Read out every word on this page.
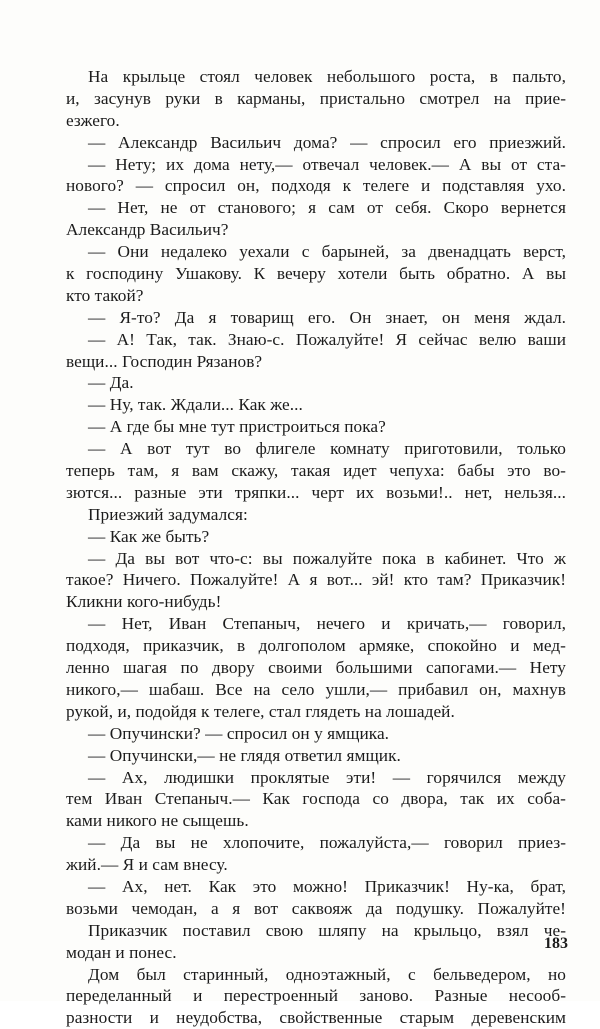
На крыльце стоял человек небольшого роста, в пальто,
и, засунув руки в карманы, пристально смотрел на прие-
езжего.
— Александр Васильич дома? — спросил его приезжий.
— Нету; их дома нету,— отвечал человек.— А вы от ста-
нового? — спросил он, подходя к телеге и подставляя ухо.
— Нет, не от станового; я сам от себя. Скоро вернется
Александр Васильич?
— Они недалеко уехали с барыней, за двенадцать верст,
к господину Ушакову. К вечеру хотели быть обратно. А вы
кто такой?
— Я-то? Да я товарищ его. Он знает, он меня ждал.
— А! Так, так. Знаю-с. Пожалуйте! Я сейчас велю ваши
вещи... Господин Рязанов?
— Да.
— Ну, так. Ждали... Как же...
— А где бы мне тут пристроиться пока?
— А вот тут во флигеле комнату приготовили, только
теперь там, я вам скажу, такая идет чепуха: бабы это во-
зются... разные эти тряпки... черт их возьми!.. нет, нельзя...
Приезжий задумался:
— Как же быть?
— Да вы вот что-с: вы пожалуйте пока в кабинет. Что ж
такое? Ничего. Пожалуйте! А я вот... эй! кто там? Приказчик!
Кликни кого-нибудь!
— Нет, Иван Степаныч, нечего и кричать,— говорил,
подходя, приказчик, в долгополом армяке, спокойно и мед-
ленно шагая по двору своими большими сапогами.— Нету
никого,— шабаш. Все на село ушли,— прибавил он, махнув
рукой, и, подойдя к телеге, стал глядеть на лошадей.
— Опучински? — спросил он у ямщика.
— Опучински,— не глядя ответил ямщик.
— Ах, людишки проклятые эти! — горячился между
тем Иван Степаныч.— Как господа со двора, так их соба-
ками никого не сыщешь.
— Да вы не хлопочите, пожалуйста,— говорил приез-
жий.— Я и сам внесу.
— Ах, нет. Как это можно! Приказчик! Ну-ка, брат,
возьми чемодан, а я вот саквояж да подушку. Пожалуйте!
Приказчик поставил свою шляпу на крыльцо, взял че-
модан и понес.
Дом был старинный, одноэтажный, с бельведером, но
переделанный и перестроенный заново. Разные несооб-
разности и неудобства, свойственные старым деревенским
183
